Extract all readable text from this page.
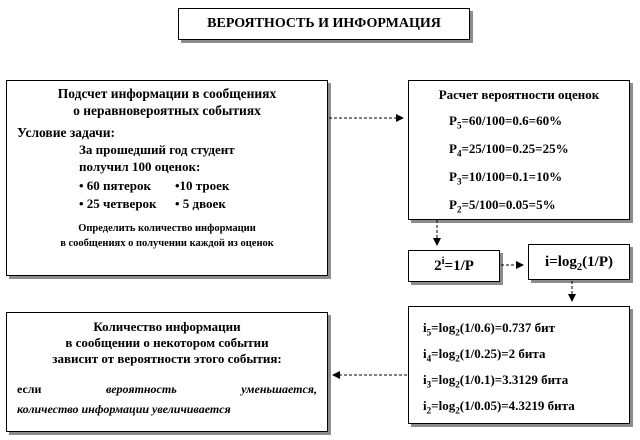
ВЕРОЯТНОСТЬ И ИНФОРМАЦИЯ
Подсчет информации в сообщениях
о неравновероятных событиях
Условие задачи:
За прошедший год студент
получил 100 оценок:
• 60 пятерок	•10 троек
• 25 четверок	• 5 двоек
Определить количество информации
в сообщениях о получении каждой из оценок
Расчет вероятности оценок
$P_5=60/100=0.6=60\%$
$P_4=25/100=0.25=25\%$
$P_3=10/100=0.1=10\%$
$P_2=5/100=0.05=5\%$
$2^i=1/P$	$i=\log_2(1/P)$
$i_5=\log_2(1/0.6)=0.737$ бит
$i_4=\log_2(1/0.25)=2$ бита
$i_3=\log_2(1/0.1)=3.3129$ бита
$i_2=\log_2(1/0.05)=4.3219$ бита
Количество информации
в сообщении о некотором событии
зависит от вероятности этого события:
если	вероятность	уменьшается,
количество информации увеличивается
